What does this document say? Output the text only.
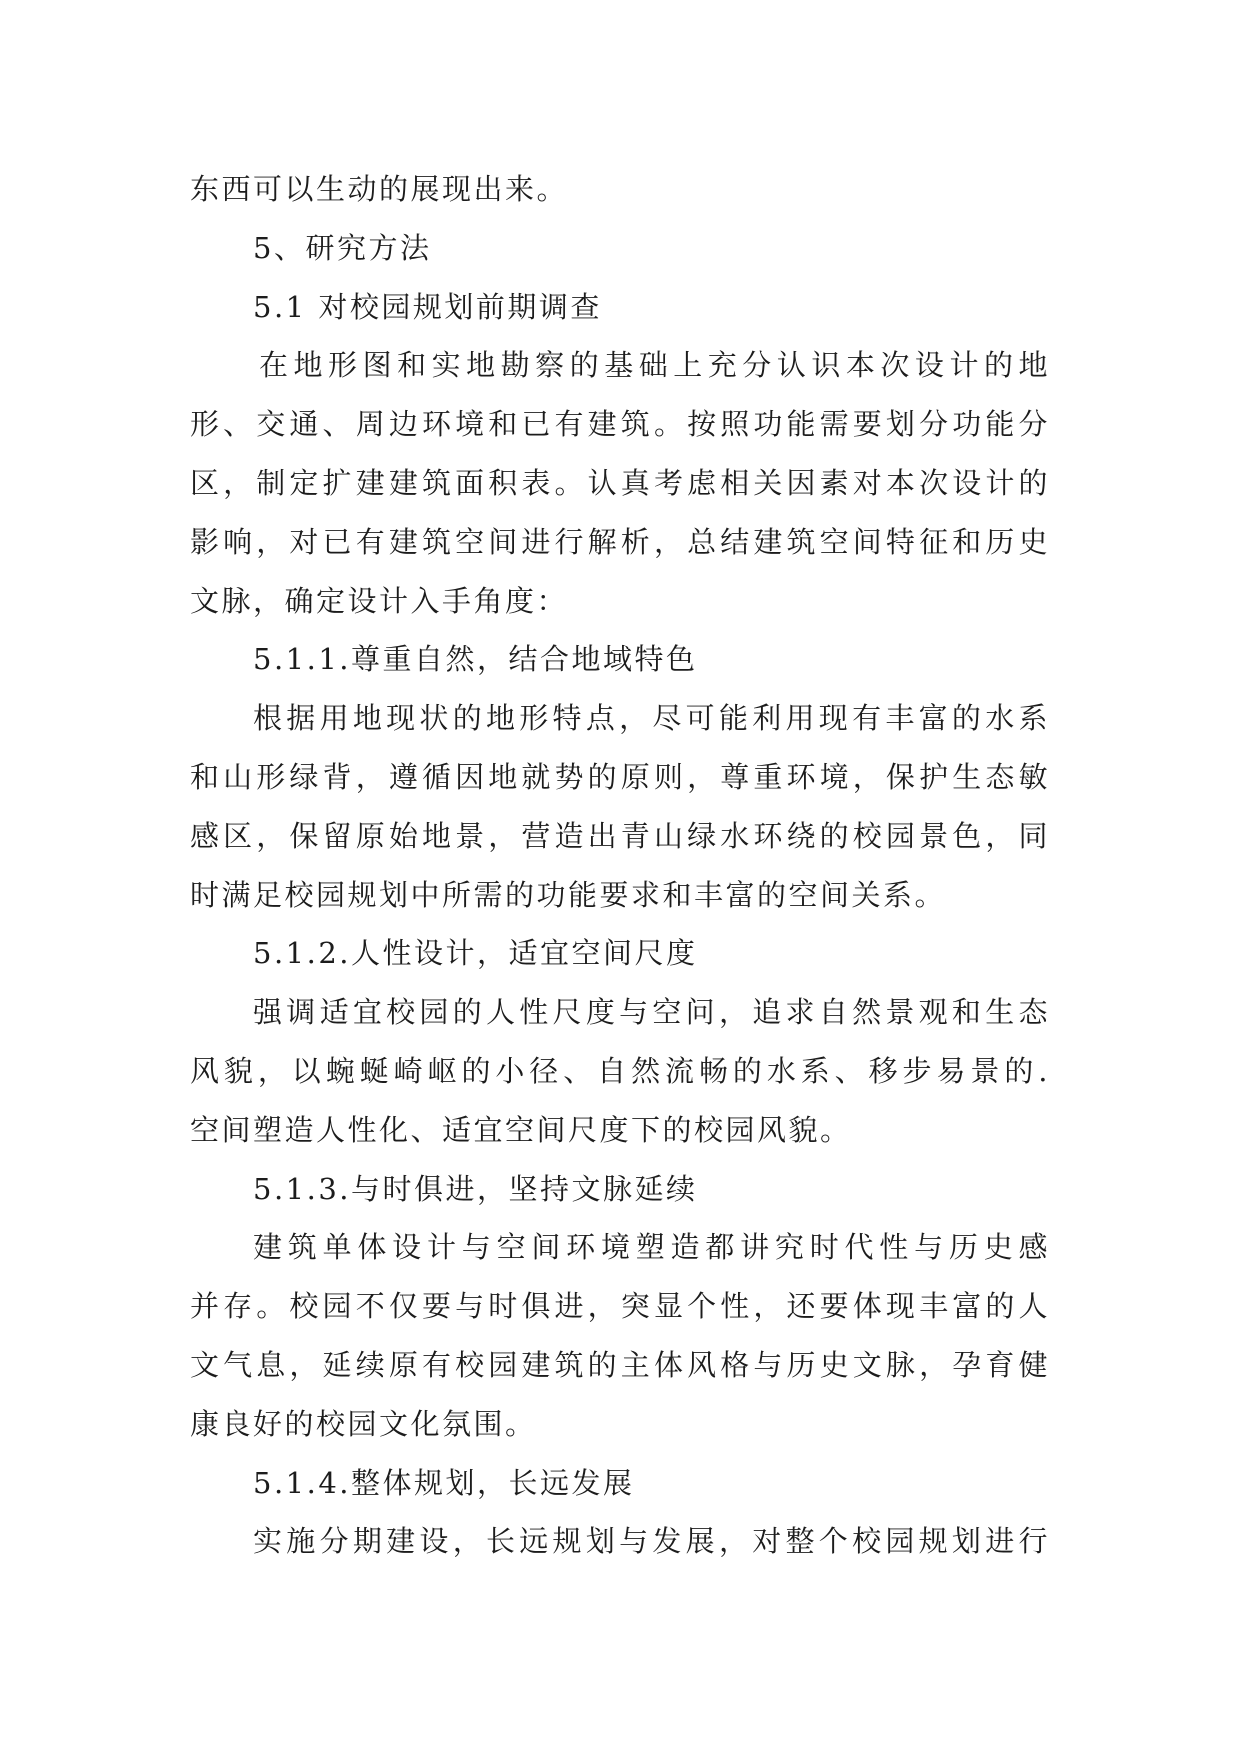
东西可以生动的展现出来。
5、研究方法
5.1 对校园规划前期调查
在地形图和实地勘察的基础上充分认识本次设计的地
形、交通、周边环境和已有建筑。按照功能需要划分功能分
区，制定扩建建筑面积表。认真考虑相关因素对本次设计的
影响，对已有建筑空间进行解析，总结建筑空间特征和历史
文脉，确定设计入手角度：
5.1.1.尊重自然，结合地域特色
根据用地现状的地形特点，尽可能利用现有丰富的水系
和山形绿背，遵循因地就势的原则，尊重环境，保护生态敏
感区，保留原始地景，营造出青山绿水环绕的校园景色，同
时满足校园规划中所需的功能要求和丰富的空间关系。
5.1.2.人性设计，适宜空间尺度
强调适宜校园的人性尺度与空问，追求自然景观和生态
风貌，以蜿蜒崎岖的小径、自然流畅的水系、移步易景的.
空间塑造人性化、适宜空间尺度下的校园风貌。
5.1.3.与时俱进，坚持文脉延续
建筑单体设计与空间环境塑造都讲究时代性与历史感
并存。校园不仅要与时俱进，突显个性，还要体现丰富的人
文气息，延续原有校园建筑的主体风格与历史文脉，孕育健
康良好的校园文化氛围。
5.1.4.整体规划，长远发展
实施分期建设，长远规划与发展，对整个校园规划进行
